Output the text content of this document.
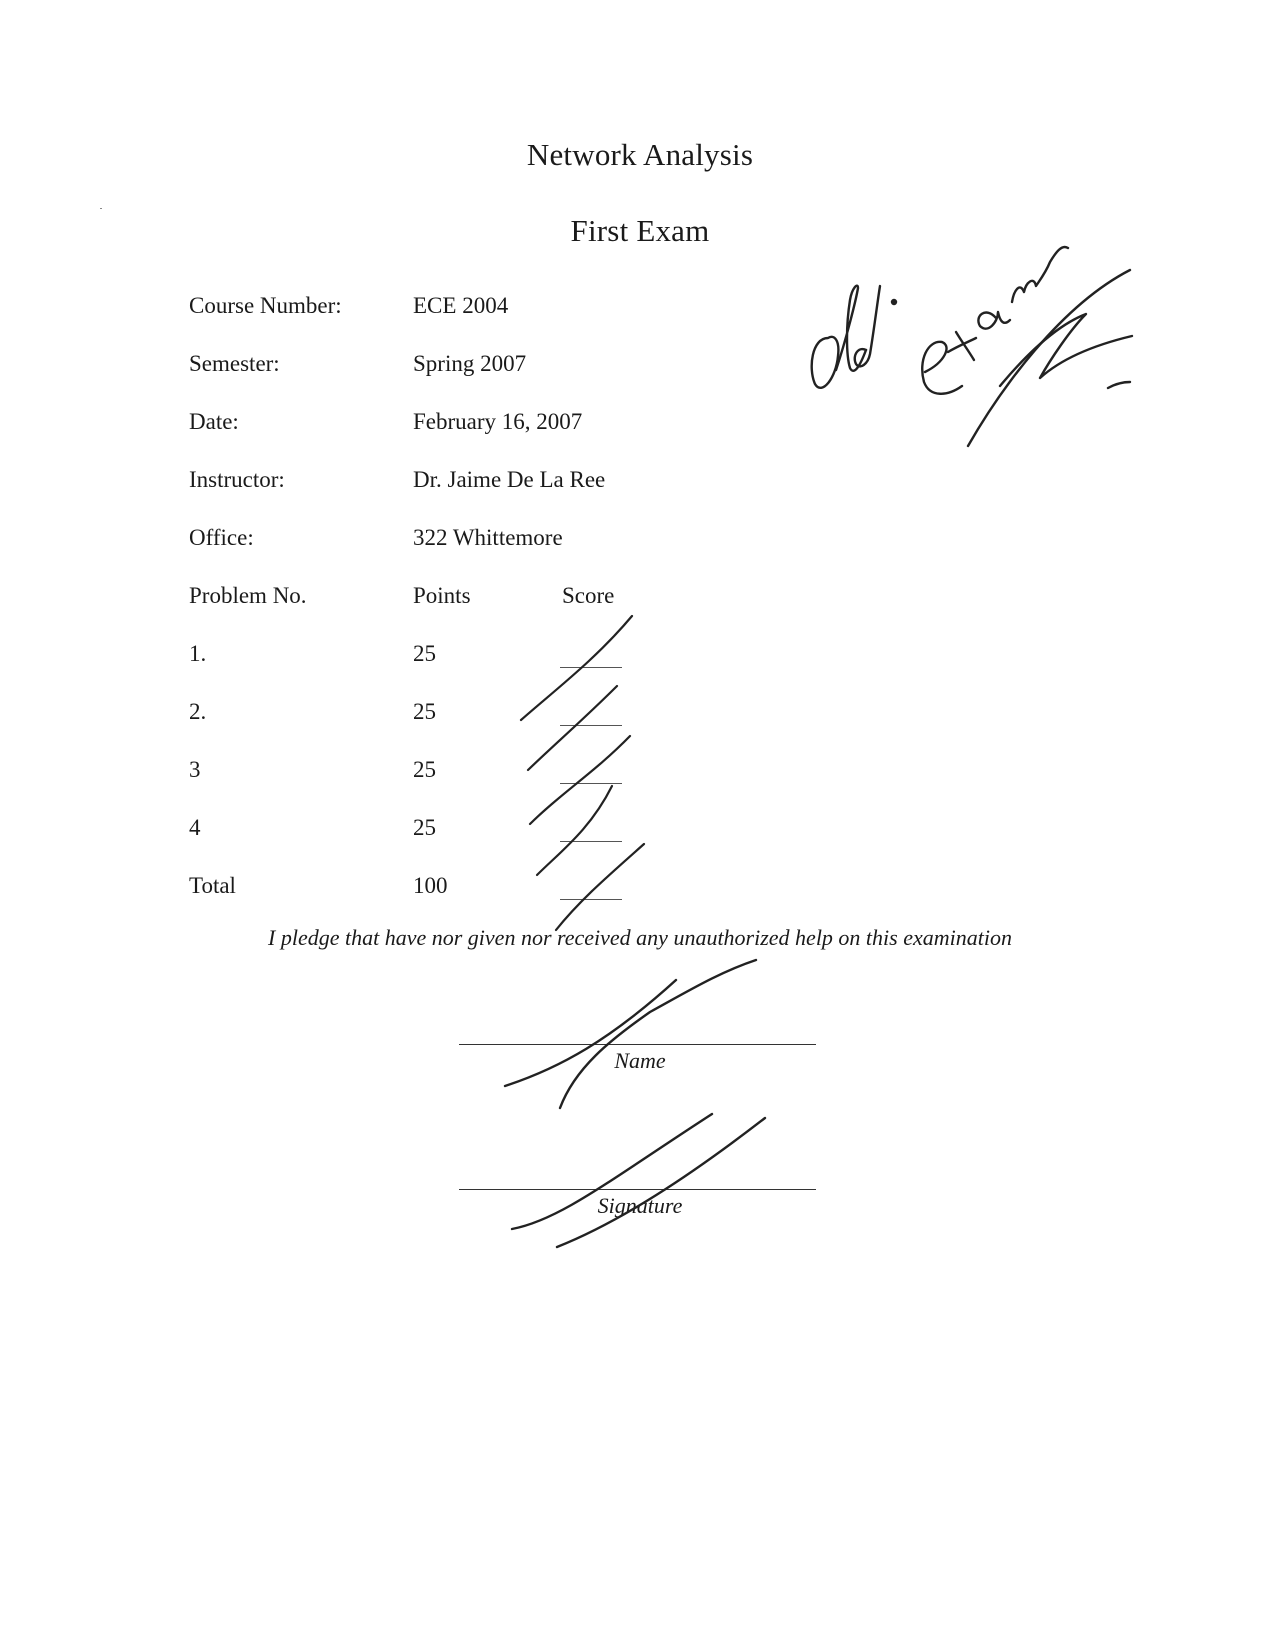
Network Analysis
First Exam
Course Number:	ECE 2004
Semester:	Spring 2007
Date:	February 16, 2007
Instructor:	Dr. Jaime De La Ree
Office:	322 Whittemore
Problem No.	Points	Score
1.	25
2.	25
3	25
4	25
Total	100
I pledge that have nor given nor received any unauthorized help on this examination
Name
Signature
